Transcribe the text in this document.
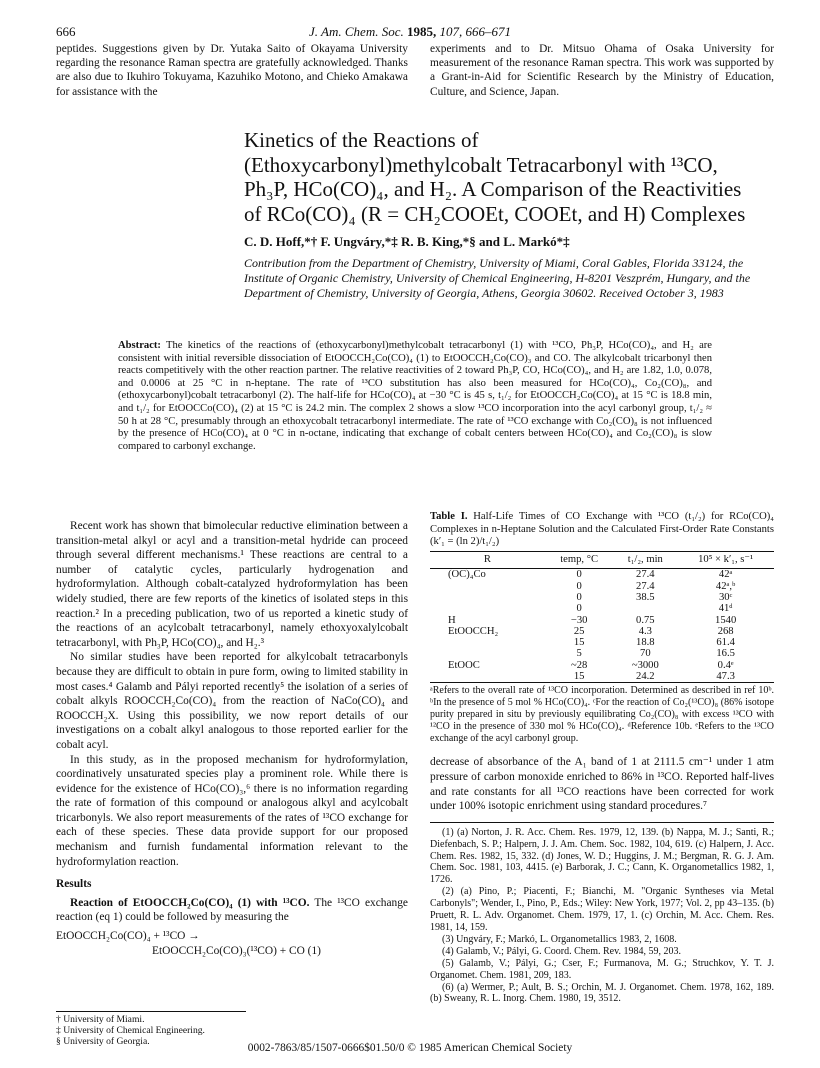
666	J. Am. Chem. Soc. 1985, 107, 666–671
peptides. Suggestions given by Dr. Yutaka Saito of Okayama University regarding the resonance Raman spectra are gratefully acknowledged. Thanks are also due to Ikuhiro Tokuyama, Kazuhiko Motono, and Chieko Amakawa for assistance with the
experiments and to Dr. Mitsuo Ohama of Osaka University for measurement of the resonance Raman spectra. This work was supported by a Grant-in-Aid for Scientific Research by the Ministry of Education, Culture, and Science, Japan.
Kinetics of the Reactions of
(Ethoxycarbonyl)methylcobalt Tetracarbonyl with ¹³CO,
Ph₃P, HCo(CO)₄, and H₂. A Comparison of the Reactivities
of RCo(CO)₄ (R = CH₂COOEt, COOEt, and H) Complexes
C. D. Hoff,*† F. Ungváry,*‡ R. B. King,*§ and L. Markó*‡
Contribution from the Department of Chemistry, University of Miami, Coral Gables, Florida 33124, the Institute of Organic Chemistry, University of Chemical Engineering, H-8201 Veszprém, Hungary, and the Department of Chemistry, University of Georgia, Athens, Georgia 30602. Received October 3, 1983
Abstract: The kinetics of the reactions of (ethoxycarbonyl)methylcobalt tetracarbonyl (1) with ¹³CO, Ph₃P, HCo(CO)₄, and H₂ are consistent with initial reversible dissociation of EtOOCCH₂Co(CO)₄ (1) to EtOOCCH₂Co(CO)₃ and CO. The alkylcobalt tricarbonyl then reacts competitively with the other reaction partner. The relative reactivities of 2 toward Ph₃P, CO, HCo(CO)₄, and H₂ are 1.82, 1.0, 0.078, and 0.0006 at 25 °C in n-heptane. The rate of ¹³CO substitution has also been measured for HCo(CO)₄, Co₂(CO)₈, and (ethoxycarbonyl)cobalt tetracarbonyl (2). The half-life for HCo(CO)₄ at −30 °C is 45 s, t₁/₂ for EtOOCCH₂Co(CO)₄ at 15 °C is 18.8 min, and t₁/₂ for EtOOCCo(CO)₄ (2) at 15 °C is 24.2 min. The complex 2 shows a slow ¹³CO incorporation into the acyl carbonyl group, t₁/₂ ≈ 50 h at 28 °C, presumably through an ethoxycobalt tetracarbonyl intermediate. The rate of ¹³CO exchange with Co₂(CO)₈ is not influenced by the presence of HCo(CO)₄ at 0 °C in n-octane, indicating that exchange of cobalt centers between HCo(CO)₄ and Co₂(CO)₈ is slow compared to carbonyl exchange.

Recent work has shown that bimolecular reductive elimination between a transition-metal alkyl or acyl and a transition-metal hydride can proceed through several different mechanisms.¹ These reactions are central to a number of catalytic cycles, particularly hydrogenation and hydroformylation. Although cobalt-catalyzed hydroformylation has been widely studied, there are few reports of the kinetics of isolated steps in this reaction.² In a preceding publication, two of us reported a kinetic study of the reactions of an acylcobalt tetracarbonyl, namely ethoxyoxalylcobalt tetracarbonyl, with Ph₃P, HCo(CO)₄, and H₂.³

No similar studies have been reported for alkylcobalt tetracarbonyls because they are difficult to obtain in pure form, owing to limited stability in most cases.⁴ Galamb and Pályi reported recently⁵ the isolation of a series of cobalt alkyls ROOCCH₂Co(CO)₄ from the reaction of NaCo(CO)₄ and ROOCCH₂X. Using this possibility, we now report details of our investigations on a cobalt alkyl analogous to those reported earlier for the cobalt acyl.

In this study, as in the proposed mechanism for hydroformylation, coordinatively unsaturated species play a prominent role. While there is evidence for the existence of HCo(CO)₃,⁶ there is no information regarding the rate of formation of this compound or analogous alkyl and acylcobalt tricarbonyls. We also report measurements of the rates of ¹³CO exchange for each of these species. These data provide support for our proposed mechanism and furnish fundamental information relevant to the hydroformylation reaction.

Results

Reaction of EtOOCCH₂Co(CO)₄ (1) with ¹³CO. The ¹³CO exchange reaction (eq 1) could be followed by measuring the

EtOOCCH₂Co(CO)₄ + ¹³CO →
EtOOCCH₂Co(CO)₃(¹³CO) + CO (1)
Table I. Half-Life Times of CO Exchange with ¹³CO (t₁/₂) for RCo(CO)₄ Complexes in n-Heptane Solution and the Calculated First-Order Rate Constants (k′₁ = (ln 2)/t₁/₂)
R	temp, °C	t₁/₂, min	10⁵ × k′₁, s⁻¹
(OC)₄Co	0	27.4	42ᵃ
	0	27.4	42ᵃ,ᵇ
	0	38.5	30ᶜ
	0		41ᵈ
H	−30	0.75	1540
EtOOCCH₂	25	4.3	268
	15	18.8	61.4
	5	70	16.5
EtOOC	~28	~3000	0.4ᵉ
	15	24.2	47.3
ᵃRefers to the overall rate of ¹³CO incorporation. Determined as described in ref 10ᵇ. ᵇIn the presence of 5 mol % HCo(CO)₄. ᶜFor the reaction of Co₂(¹³CO)₈ (86% isotope purity prepared in situ by previously equilibrating Co₂(CO)₈ with excess ¹³CO with ¹²CO in the presence of 330 mol % HCo(CO)₄. ᵈReference 10b. ᵉRefers to the ¹³CO exchange of the acyl carbonyl group.
decrease of absorbance of the A₁ band of 1 at 2111.5 cm⁻¹ under 1 atm pressure of carbon monoxide enriched to 86% in ¹³CO. Reported half-lives and rate constants for all ¹³CO reactions have been corrected for work under 100% isotopic enrichment using standard procedures.⁷
(1) (a) Norton, J. R. Acc. Chem. Res. 1979, 12, 139. (b) Nappa, M. J.; Santi, R.; Diefenbach, S. P.; Halpern, J. J. Am. Chem. Soc. 1982, 104, 619. (c) Halpern, J. Acc. Chem. Res. 1982, 15, 332. (d) Jones, W. D.; Huggins, J. M.; Bergman, R. G. J. Am. Chem. Soc. 1981, 103, 4415. (e) Barborak, J. C.; Cann, K. Organometallics 1982, 1, 1726.
(2) (a) Pino, P.; Piacenti, F.; Bianchi, M. "Organic Syntheses via Metal Carbonyls"; Wender, I., Pino, P., Eds.; Wiley: New York, 1977; Vol. 2, pp 43–135. (b) Pruett, R. L. Adv. Organomet. Chem. 1979, 17, 1. (c) Orchin, M. Acc. Chem. Res. 1981, 14, 159.
(3) Ungváry, F.; Markó, L. Organometallics 1983, 2, 1608.
(4) Galamb, V.; Pályi, G. Coord. Chem. Rev. 1984, 59, 203.
(5) Galamb, V.; Pályi, G.; Cser, F.; Furmanova, M. G.; Struchkov, Y. T. J. Organomet. Chem. 1981, 209, 183.
(6) (a) Wermer, P.; Ault, B. S.; Orchin, M. J. Organomet. Chem. 1978, 162, 189. (b) Sweany, R. L. Inorg. Chem. 1980, 19, 3512.
† University of Miami.
‡ University of Chemical Engineering.
§ University of Georgia.
0002-7863/85/1507-0666$01.50/0 © 1985 American Chemical Society
